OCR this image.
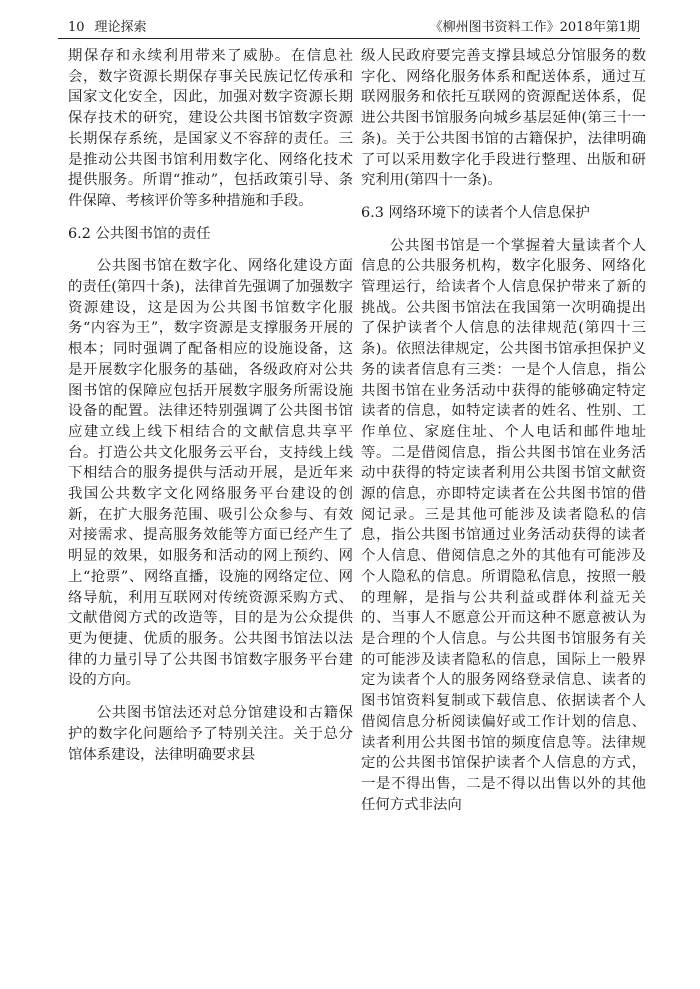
10 理论探索	《柳州图书资料工作》2018年第1期

期保存和永续利用带来了威胁。在信息社会，数字资源长期保存事关民族记忆传承和国家文化安全，因此，加强对数字资源长期保存技术的研究，建设公共图书馆数字资源长期保存系统，是国家义不容辞的责任。三是推动公共图书馆利用数字化、网络化技术提供服务。所谓“推动”，包括政策引导、条件保障、考核评价等多种措施和手段。

6.2 公共图书馆的责任

公共图书馆在数字化、网络化建设方面的责任(第四十条)，法律首先强调了加强数字资源建设，这是因为公共图书馆数字化服务“内容为王”，数字资源是支撑服务开展的根本；同时强调了配备相应的设施设备，这是开展数字化服务的基础，各级政府对公共图书馆的保障应包括开展数字服务所需设施设备的配置。法律还特别强调了公共图书馆应建立线上线下相结合的文献信息共享平台。打造公共文化服务云平台，支持线上线下相结合的服务提供与活动开展，是近年来我国公共数字文化网络服务平台建设的创新，在扩大服务范围、吸引公众参与、有效对接需求、提高服务效能等方面已经产生了明显的效果，如服务和活动的网上预约、网上“抢票”、网络直播，设施的网络定位、网络导航，利用互联网对传统资源采购方式、文献借阅方式的改造等，目的是为公众提供更为便捷、优质的服务。公共图书馆法以法律的力量引导了公共图书馆数字服务平台建设的方向。

公共图书馆法还对总分馆建设和古籍保护的数字化问题给予了特别关注。关于总分馆体系建设，法律明确要求县

级人民政府要完善支撑县域总分馆服务的数字化、网络化服务体系和配送体系，通过互联网服务和依托互联网的资源配送体系，促进公共图书馆服务向城乡基层延伸(第三十一条)。关于公共图书馆的古籍保护，法律明确了可以采用数字化手段进行整理、出版和研究利用(第四十一条)。

6.3 网络环境下的读者个人信息保护

公共图书馆是一个掌握着大量读者个人信息的公共服务机构，数字化服务、网络化管理运行，给读者个人信息保护带来了新的挑战。公共图书馆法在我国第一次明确提出了保护读者个人信息的法律规范(第四十三条)。依照法律规定，公共图书馆承担保护义务的读者信息有三类：一是个人信息，指公共图书馆在业务活动中获得的能够确定特定读者的信息，如特定读者的姓名、性别、工作单位、家庭住址、个人电话和邮件地址等。二是借阅信息，指公共图书馆在业务活动中获得的特定读者利用公共图书馆文献资源的信息，亦即特定读者在公共图书馆的借阅记录。三是其他可能涉及读者隐私的信息，指公共图书馆通过业务活动获得的读者个人信息、借阅信息之外的其他有可能涉及个人隐私的信息。所谓隐私信息，按照一般的理解，是指与公共利益或群体利益无关的、当事人不愿意公开而这种不愿意被认为是合理的个人信息。与公共图书馆服务有关的可能涉及读者隐私的信息，国际上一般界定为读者个人的服务网络登录信息、读者的图书馆资料复制或下载信息、依据读者个人借阅信息分析阅读偏好或工作计划的信息、读者利用公共图书馆的频度信息等。法律规定的公共图书馆保护读者个人信息的方式，一是不得出售，二是不得以出售以外的其他任何方式非法向
